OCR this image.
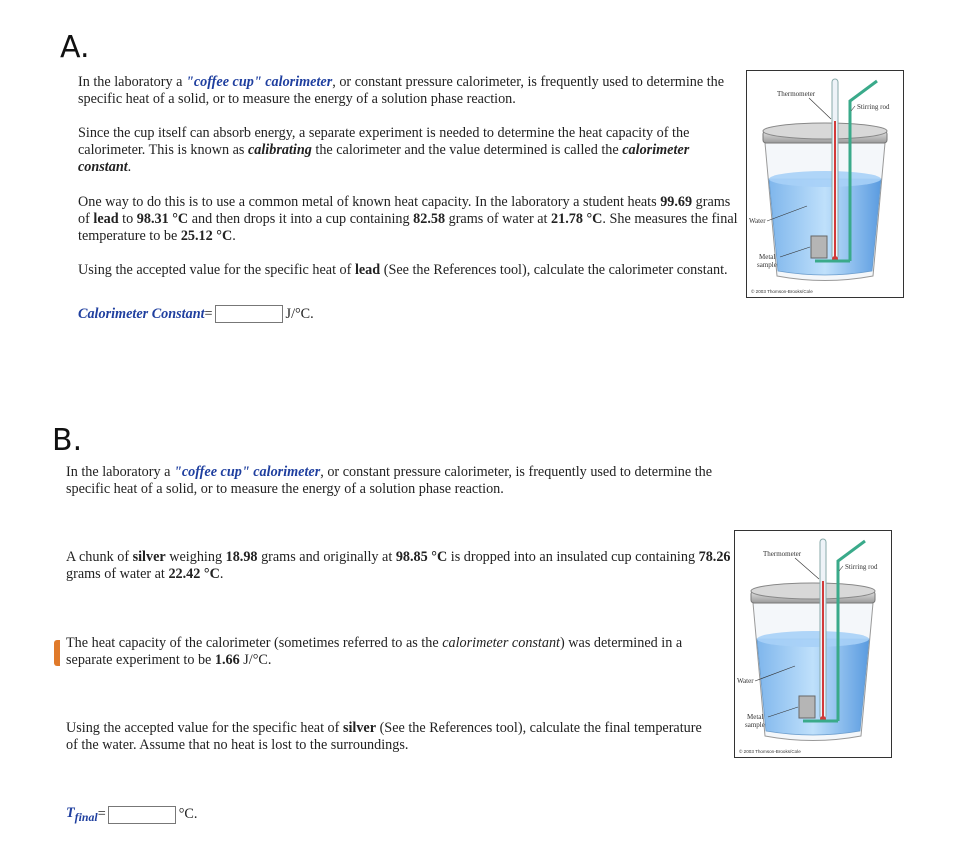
A.

In the laboratory a "coffee cup" calorimeter, or constant pressure calorimeter, is frequently used to determine the specific heat of a solid, or to measure the energy of a solution phase reaction.

Since the cup itself can absorb energy, a separate experiment is needed to determine the heat capacity of the calorimeter. This is known as calibrating the calorimeter and the value determined is called the calorimeter constant.

One way to do this is to use a common metal of known heat capacity. In the laboratory a student heats 99.69 grams of lead to 98.31 °C and then drops it into a cup containing 82.58 grams of water at 21.78 °C. She measures the final temperature to be 25.12 °C.

Using the accepted value for the specific heat of lead (See the References tool), calculate the calorimeter constant.

Calorimeter Constant =	J/°C.
Thermometer
Stirring rod
Water
Metal
sample
© 2003 Thomson-Brooks/Cole
B.

In the laboratory a "coffee cup" calorimeter, or constant pressure calorimeter, is frequently used to determine the specific heat of a solid, or to measure the energy of a solution phase reaction.

A chunk of silver weighing 18.98 grams and originally at 98.85 °C is dropped into an insulated cup containing 78.26 grams of water at 22.42 °C.

The heat capacity of the calorimeter (sometimes referred to as the calorimeter constant) was determined in a separate experiment to be 1.66 J/°C.

Using the accepted value for the specific heat of silver (See the References tool), calculate the final temperature of the water. Assume that no heat is lost to the surroundings.

$T_{final}$ =	°C.
Thermometer
Stirring rod
Water
Metal
sample
© 2003 Thomson-Brooks/Cole
